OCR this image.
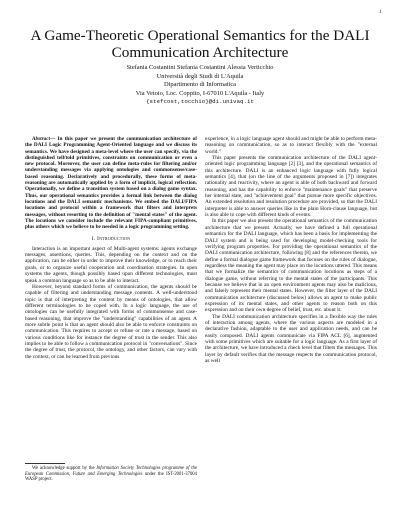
1
A Game-Theoretic Operational Semantics for the DALI Communication Architecture
Stefania Costantini Stefania Costantini Alessia Verticchio
Università degli Studi di L'Aquila
Dipartimento di Informatica
Via Vetoio, Loc. Coppito, I-67010 L'Aquila - Italy
{stefcost,tocchio}@di.univaq.it

Abstract— In this paper we present the communication architecture of the DALI Logic Programming Agent-Oriented language and we discuss its semantics. We have designed a meta-level where the user can specify, via the distinguished tell/told primitives, constraints on communication or even a new protocol. Moreover, the user can define meta-rules for filtering and/or understanding messages via applying ontologies and commonsense/case-based reasoning. Declaratively and procedurally, these forms of meta-reasoning are automatically applied by a form of implicit, logical reflection. Operationally, we define a transition system based on a dialog game syntax. Thus, our operational semantics provides a formal link between the dialog locutions and the DALI semantic mechanisms. We embed the DALI/FIPA locutions and protocol within a framework that filters and interprets messages, without resorting to the definition of "mental states" of the agent. The locutions we consider include the relevant FIPA-compliant primitives, plus others which we believe to be needed in a logic programming setting.

I. Introduction

Interaction is an important aspect of Multi-agent systems: agents exchange messages, assertions, queries. This, depending on the context and on the application, can be either in order to improve their knowledge, or to reach their goals, or to organize useful cooperation and coordination strategies. In open systems the agents, though possibly based upon different technologies, must speak a common language so as to be able to interact.

However, beyond standard forms of communication, the agents should be capable of filtering and understanding message contents. A well-understood topic is that of interpreting the content by means of ontologies, that allow different terminologies to be coped with. In a logic language, the use of ontologies can be usefully integrated with forms of commonsense and case-based reasoning, that improve the "understanding" capabilities of an agent. A more subtle point is that an agent should also be able to enforce constraints on communication. This requires to accept or refuse or rate a message, based on various conditions like for instance the degree of trust in the sender. This also implies to be able to follow a communication protocol in "conversations". Since the degree of trust, the protocol, the ontology, and other factors, can vary with the context, or can be learned from previous

We acknowledge support by the Information Society Technologies programme of the European Commission, Future and Emerging Technologies under the IST-2001-37004 WASP project.

experience, in a logic language agent should and might be able to perform meta-reasoning on communication, so as to interact flexibly with the "external world."

This paper presents the communication architecture of the DALI agent-oriented logic programming language [2] [3], and the operational semantics of this architecture. DALI is an enhanced logic language with fully logical semantics [4], that (on the line of the arguments proposed in [7]) integrates rationality and reactivity, where an agent is able of both backward and forward reasoning, and has the capability to enforce "maintenance goals" that preserve her internal state, and "achievement goal" that pursue more specific objectives. An extended resolution and resolution procedure are provided, so that the DALI interpreter is able to answer queries like in the plain Horn-clause language, but is also able to cope with different kinds of events.

In this paper we also present the operational semantics of the communication architecture that we present. Actually, we have defined a full operational semantics for the DALI language, which has been a basis for implementing the DALI system and is being used for developing model-checking tools for verifying program properties. For providing the operational semantics of the DALI communication architecture, following [8] and the references therein, we define a formal dialogue game framework that focuses on the rules of dialogue, regardless the meaning the agent may place on the locutions uttered. This means that we formalize the semantics of communication locutions as steps of a dialogue game, without referring to the mental states of the participants. This because we believe that in an open environment agents may also be malicious, and falsely represent their mental states. However, the filter layer of the DALI communication architecture (discussed below) allows an agent to make public expression of its mental states, and other agents to reason both on this expression and on their own degree of belief, trust, etc. about it.

The DALI communication architecture specifies in a flexible way the rules of interaction among agents, where the various aspects are modeled in a declarative fashion, adaptable to the user and application needs, and can be easily composed. DALI agents communicate via FIPA ACL [6], augmented with some primitives which are suitable for a logic language. As a first layer of the architecture, we have introduced a check level that filters the messages. This layer by default verifies that the message respects the communication protocol, as well
